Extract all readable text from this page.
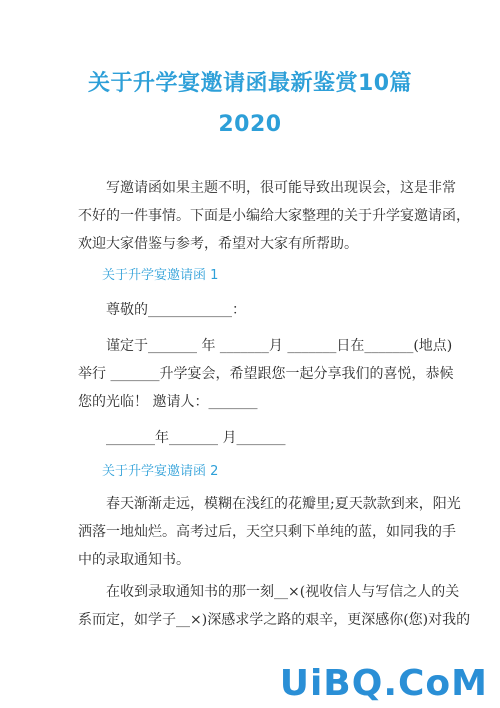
关于升学宴邀请函最新鉴赏10篇
2020
写邀请函如果主题不明，很可能导致出现误会，这是非常
不好的一件事情。下面是小编给大家整理的关于升学宴邀请函，
欢迎大家借鉴与参考，希望对大家有所帮助。
关于升学宴邀请函 1
尊敬的____________：
谨定于_______ 年 _______月 _______日在_______(地点)
举行 _______升学宴会，希望跟您一起分享我们的喜悦，恭候
您的光临！ 邀请人：_______
_______年_______ 月_______
关于升学宴邀请函 2
春天渐渐走远，模糊在浅红的花瓣里;夏天款款到来，阳光
洒落一地灿烂。高考过后，天空只剩下单纯的蓝，如同我的手
中的录取通知书。
在收到录取通知书的那一刻__×(视收信人与写信之人的关
系而定，如学子__×)深感求学之路的艰辛，更深感你(您)对我的
UiBQ.CoM
